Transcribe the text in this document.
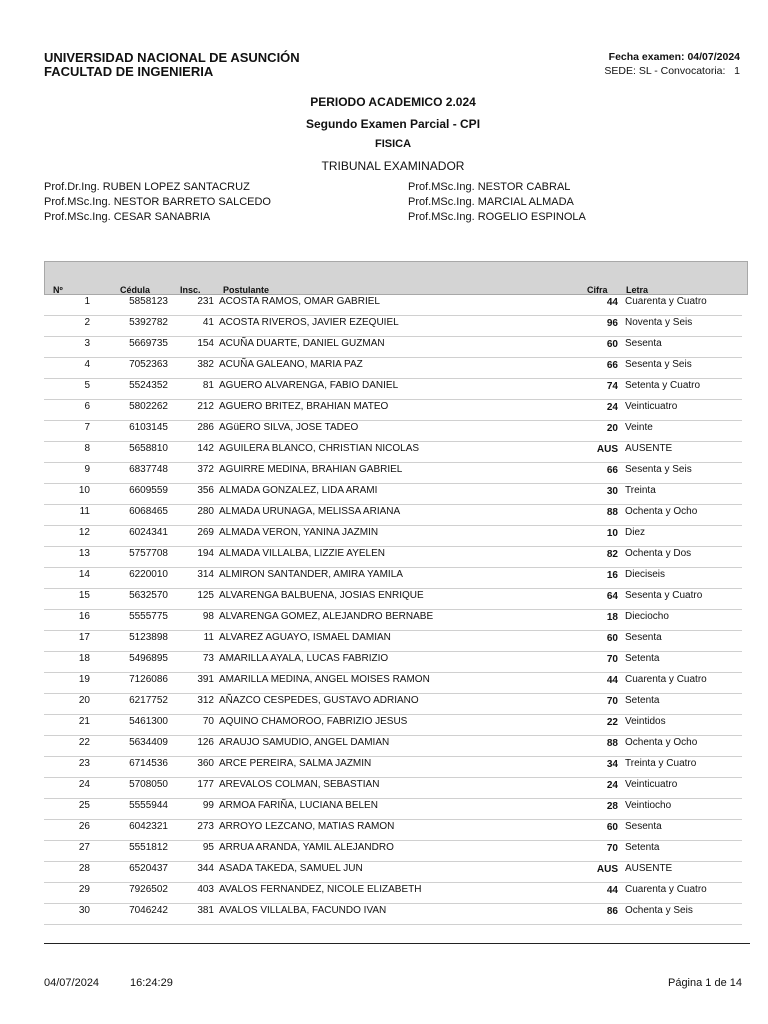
UNIVERSIDAD NACIONAL DE ASUNCIÓN
FACULTAD DE INGENIERIA
Fecha examen: 04/07/2024
SEDE: SL - Convocatoria:   1
PERIODO ACADEMICO 2.024
Segundo Examen Parcial - CPI
FISICA
TRIBUNAL EXAMINADOR
Prof.Dr.Ing. RUBEN LOPEZ SANTACRUZ
Prof.MSc.Ing. NESTOR BARRETO SALCEDO
Prof.MSc.Ing. CESAR SANABRIA
Prof.MSc.Ing. NESTOR CABRAL
Prof.MSc.Ing. MARCIAL ALMADA
Prof.MSc.Ing. ROGELIO ESPINOLA
Nº	Cédula	Insc. Postulante	Cifra Letra
1	5858123	231 ACOSTA RAMOS, OMAR GABRIEL	44 Cuarenta y Cuatro
2	5392782	41 ACOSTA RIVEROS, JAVIER EZEQUIEL	96 Noventa y Seis
3	5669735	154 ACUÑA DUARTE, DANIEL GUZMAN	60 Sesenta
4	7052363	382 ACUÑA GALEANO, MARIA PAZ	66 Sesenta y Seis
5	5524352	81 AGUERO ALVARENGA, FABIO DANIEL	74 Setenta y Cuatro
6	5802262	212 AGUERO BRITEZ, BRAHIAN MATEO	24 Veinticuatro
7	6103145	286 AGüERO SILVA, JOSE TADEO	20 Veinte
8	5658810	142 AGUILERA BLANCO, CHRISTIAN NICOLAS	AUS AUSENTE
9	6837748	372 AGUIRRE MEDINA, BRAHIAN GABRIEL	66 Sesenta y Seis
10	6609559	356 ALMADA GONZALEZ, LIDA ARAMI	30 Treinta
11	6068465	280 ALMADA URUNAGA, MELISSA ARIANA	88 Ochenta y Ocho
12	6024341	269 ALMADA VERON, YANINA JAZMIN	10 Diez
13	5757708	194 ALMADA VILLALBA, LIZZIE AYELEN	82 Ochenta y Dos
14	6220010	314 ALMIRON SANTANDER, AMIRA YAMILA	16 Dieciseis
15	5632570	125 ALVARENGA BALBUENA, JOSIAS ENRIQUE	64 Sesenta y Cuatro
16	5555775	98 ALVARENGA GOMEZ, ALEJANDRO BERNABE	18 Dieciocho
17	5123898	11 ALVAREZ AGUAYO, ISMAEL DAMIAN	60 Sesenta
18	5496895	73 AMARILLA AYALA, LUCAS FABRIZIO	70 Setenta
19	7126086	391 AMARILLA MEDINA, ANGEL MOISES RAMON	44 Cuarenta y Cuatro
20	6217752	312 AÑAZCO CESPEDES, GUSTAVO ADRIANO	70 Setenta
21	5461300	70 AQUINO CHAMOROO, FABRIZIO JESUS	22 Veintidos
22	5634409	126 ARAUJO SAMUDIO, ANGEL DAMIAN	88 Ochenta y Ocho
23	6714536	360 ARCE PEREIRA, SALMA JAZMIN	34 Treinta y Cuatro
24	5708050	177 AREVALOS COLMAN, SEBASTIAN	24 Veinticuatro
25	5555944	99 ARMOA FARIÑA, LUCIANA BELEN	28 Veintiocho
26	6042321	273 ARROYO LEZCANO, MATIAS RAMON	60 Sesenta
27	5551812	95 ARRUA ARANDA, YAMIL ALEJANDRO	70 Setenta
28	6520437	344 ASADA TAKEDA, SAMUEL JUN	AUS AUSENTE
29	7926502	403 AVALOS FERNANDEZ, NICOLE ELIZABETH	44 Cuarenta y Cuatro
30	7046242	381 AVALOS VILLALBA, FACUNDO IVAN	86 Ochenta y Seis
04/07/2024	16:24:29	Página 1 de 14
